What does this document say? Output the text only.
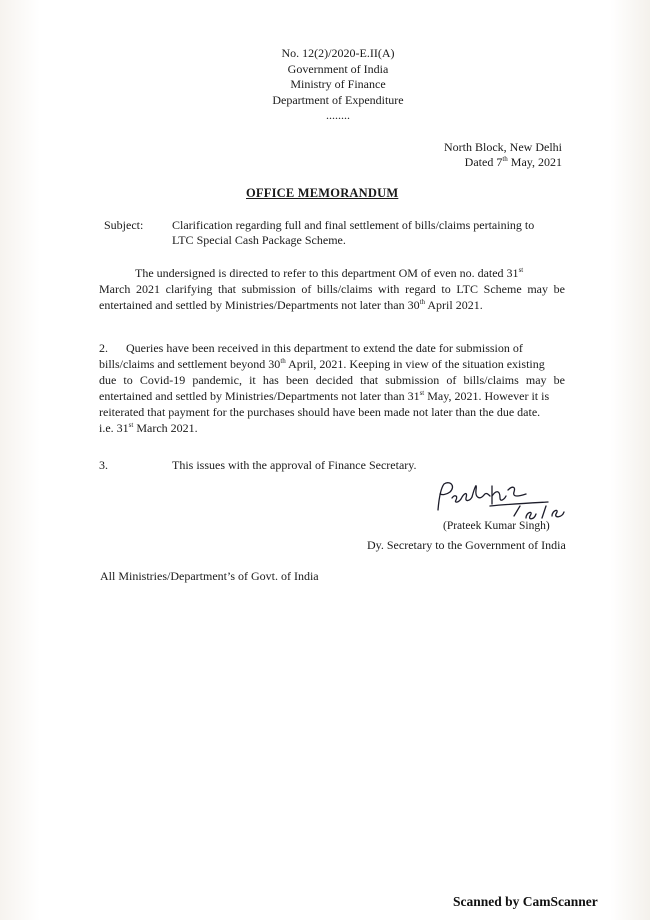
No. 12(2)/2020-E.II(A)
Government of India
Ministry of Finance
Department of Expenditure
........
North Block, New Delhi
Dated 7th May, 2021
OFFICE MEMORANDUM
Subject: Clarification regarding full and final settlement of bills/claims pertaining to
LTC Special Cash Package Scheme.
The undersigned is directed to refer to this department OM of even no. dated 31st
March 2021 clarifying that submission of bills/claims with regard to LTC Scheme may be
entertained and settled by Ministries/Departments not later than 30th April 2021.
2.      Queries have been received in this department to extend the date for submission of
bills/claims and settlement beyond 30th April, 2021. Keeping in view of the situation existing
due to Covid-19 pandemic, it has been decided that submission of bills/claims may be
entertained and settled by Ministries/Departments not later than 31st May, 2021. However it is
reiterated that payment for the purchases should have been made not later than the due date.
i.e. 31st March 2021.
3.	This issues with the approval of Finance Secretary.
(Prateek Kumar Singh)
Dy. Secretary to the Government of India
All Ministries/Department’s of Govt. of India
Scanned by CamScanner
